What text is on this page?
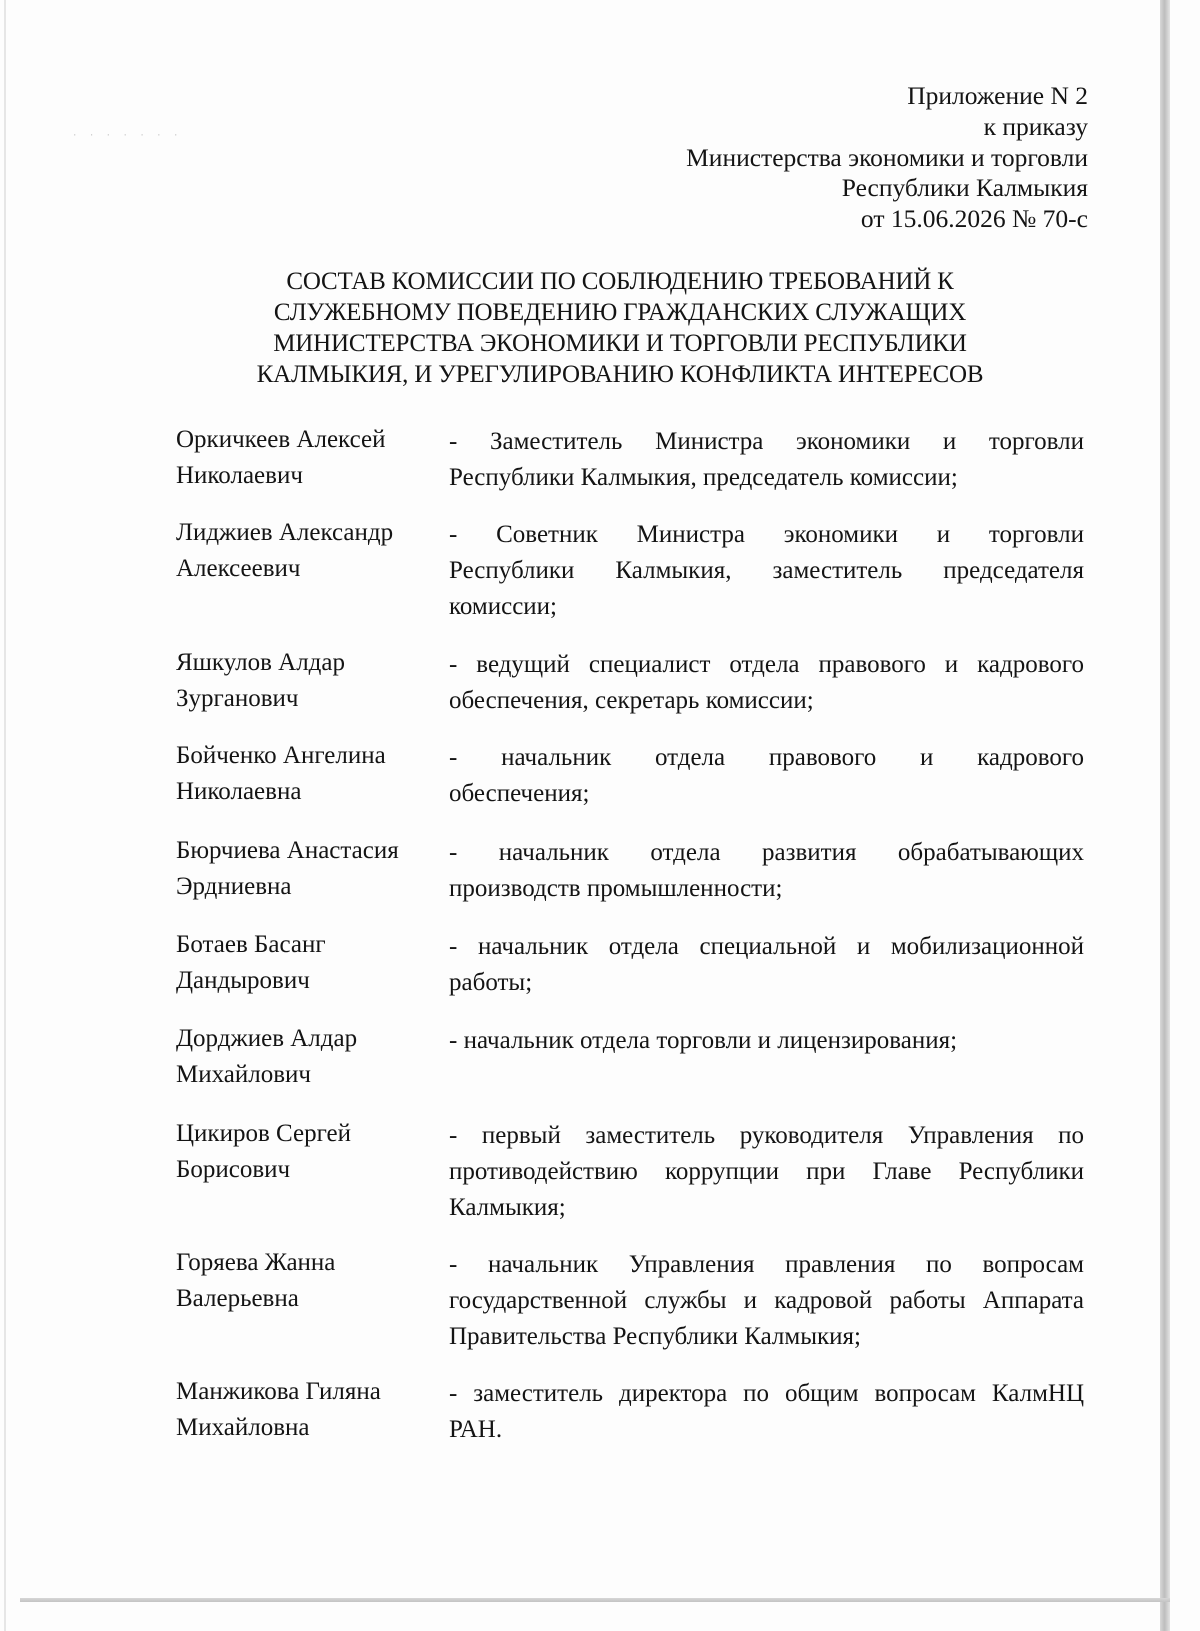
· · · · · · ·
Приложение N 2
к приказу
Министерства экономики и торговли
Республики Калмыкия
от 15.06.2026 № 70-с
СОСТАВ КОМИССИИ ПО СОБЛЮДЕНИЮ ТРЕБОВАНИЙ К
СЛУЖЕБНОМУ ПОВЕДЕНИЮ ГРАЖДАНСКИХ СЛУЖАЩИХ
МИНИСТЕРСТВА ЭКОНОМИКИ И ТОРГОВЛИ РЕСПУБЛИКИ
КАЛМЫКИЯ, И УРЕГУЛИРОВАНИЮ КОНФЛИКТА ИНТЕРЕСОВ
Оркичкеев Алексей
Николаевич
- Заместитель Министра экономики и торговли
Республики Калмыкия, председатель комиссии;
Лиджиев Александр
Алексеевич
- Советник Министра экономики и торговли
Республики Калмыкия, заместитель председателя
комиссии;
Яшкулов Алдар
Зурганович
- ведущий специалист отдела правового и кадрового
обеспечения, секретарь комиссии;
Бойченко Ангелина
Николаевна
- начальник отдела правового и кадрового
обеспечения;
Бюрчиева Анастасия
Эрдниевна
- начальник отдела развития обрабатывающих
производств промышленности;
Ботаев Басанг
Дандырович
- начальник отдела специальной и мобилизационной
работы;
Дорджиев Алдар
Михайлович
- начальник отдела торговли и лицензирования;
Цикиров Сергей
Борисович
- первый заместитель руководителя Управления по
противодействию коррупции при Главе Республики
Калмыкия;
Горяева Жанна
Валерьевна
- начальник Управления правления по вопросам
государственной службы и кадровой работы Аппарата
Правительства Республики Калмыкия;
Манжикова Гиляна
Михайловна
- заместитель директора по общим вопросам КалмНЦ
РАН.
